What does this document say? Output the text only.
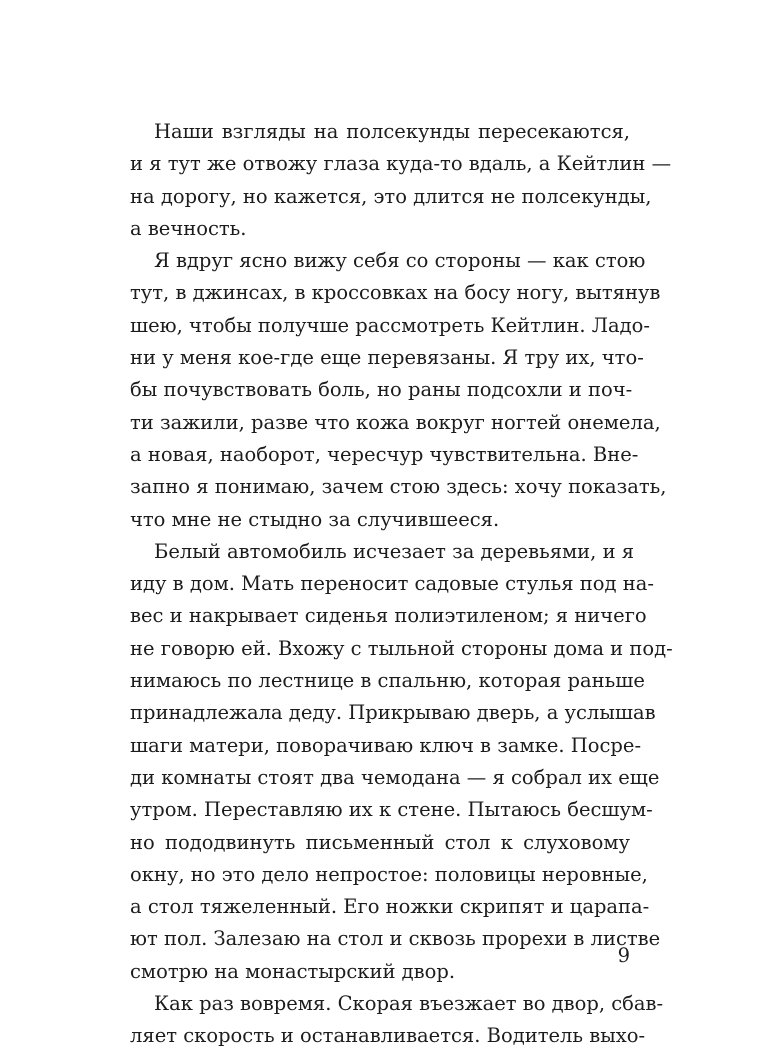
Наши взгляды на полсекунды пересекаются,
и я тут же отвожу глаза куда-то вдаль, а Кейтлин —
на дорогу, но кажется, это длится не полсекунды,
а вечность.
Я вдруг ясно вижу себя со стороны — как стою
тут, в джинсах, в кроссовках на босу ногу, вытянув
шею, чтобы получше рассмотреть Кейтлин. Ладо-
ни у меня кое-где еще перевязаны. Я тру их, что-
бы почувствовать боль, но раны подсохли и поч-
ти зажили, разве что кожа вокруг ногтей онемела,
а новая, наоборот, чересчур чувствительна. Вне-
запно я понимаю, зачем стою здесь: хочу показать,
что мне не стыдно за случившееся.
Белый автомобиль исчезает за деревьями, и я
иду в дом. Мать переносит садовые стулья под на-
вес и накрывает сиденья полиэтиленом; я ничего
не говорю ей. Вхожу с тыльной стороны дома и под-
нимаюсь по лестнице в спальню, которая раньше
принадлежала деду. Прикрываю дверь, а услышав
шаги матери, поворачиваю ключ в замке. Посре-
ди комнаты стоят два чемодана — я собрал их еще
утром. Переставляю их к стене. Пытаюсь бесшум-
но пододвинуть письменный стол к слуховому
окну, но это дело непростое: половицы неровные,
а стол тяжеленный. Его ножки скрипят и царапа-
ют пол. Залезаю на стол и сквозь прорехи в листве
смотрю на монастырский двор.
Как раз вовремя. Скорая въезжает во двор, сбав-
ляет скорость и останавливается. Водитель выхо-
9
